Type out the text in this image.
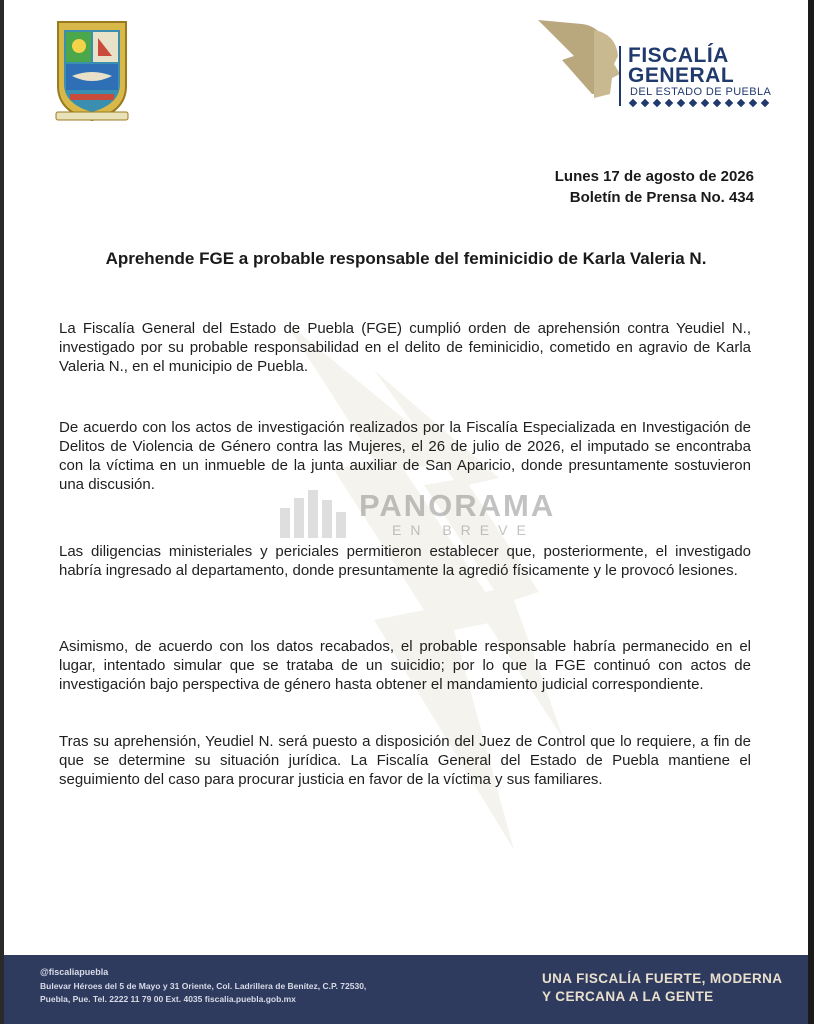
PANORAMA
EN BREVE
FISCALÍA
GENERAL
DEL ESTADO DE PUEBLA
Lunes 17 de agosto de 2026
Boletín de Prensa No. 434
Aprehende FGE a probable responsable del feminicidio de Karla Valeria N.

La Fiscalía General del Estado de Puebla (FGE) cumplió orden de aprehensión contra Yeudiel N., investigado por su probable responsabilidad en el delito de feminicidio, cometido en agravio de Karla Valeria N., en el municipio de Puebla.

De acuerdo con los actos de investigación realizados por la Fiscalía Especializada en Investigación de Delitos de Violencia de Género contra las Mujeres, el 26 de julio de 2026, el imputado se encontraba con la víctima en un inmueble de la junta auxiliar de San Aparicio, donde presuntamente sostuvieron una discusión.

Las diligencias ministeriales y periciales permitieron establecer que, posteriormente, el investigado habría ingresado al departamento, donde presuntamente la agredió físicamente y le provocó lesiones.

Asimismo, de acuerdo con los datos recabados, el probable responsable habría permanecido en el lugar, intentado simular que se trataba de un suicidio; por lo que la FGE continuó con actos de investigación bajo perspectiva de género hasta obtener el mandamiento judicial correspondiente.

Tras su aprehensión, Yeudiel N. será puesto a disposición del Juez de Control que lo requiere, a fin de que se determine su situación jurídica. La Fiscalía General del Estado de Puebla mantiene el seguimiento del caso para procurar justicia en favor de la víctima y sus familiares.

@fiscaliapuebla
Bulevar Héroes del 5 de Mayo y 31 Oriente, Col. Ladrillera de Benítez, C.P. 72530,
Puebla, Pue. Tel. 2222 11 79 00 Ext. 4035 fiscalia.puebla.gob.mx
UNA FISCALÍA FUERTE, MODERNA
Y CERCANA A LA GENTE
